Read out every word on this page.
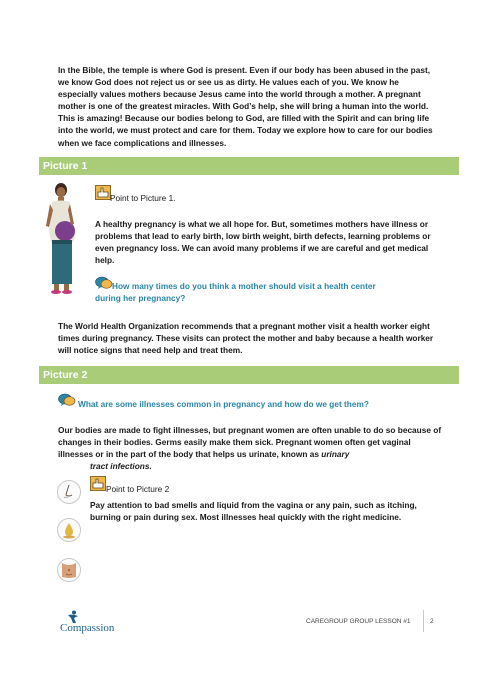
In the Bible, the temple is where God is present. Even if our body has been abused in the past, we know God does not reject us or see us as dirty. He values each of you. We know he especially values mothers because Jesus came into the world through a mother. A pregnant mother is one of the greatest miracles. With God’s help, she will bring a human into the world. This is amazing! Because our bodies belong to God, are filled with the Spirit and can bring life into the world, we must protect and care for them. Today we explore how to care for our bodies when we face complications and illnesses.

Picture 1
Point to Picture 1.

A healthy pregnancy is what we all hope for. But, sometimes mothers have illness or problems that lead to early birth, low birth weight, birth defects, learning problems or even pregnancy loss. We can avoid many problems if we are careful and get medical help.

How many times do you think a mother should visit a health center
during her pregnancy?

The World Health Organization recommends that a pregnant mother visit a health worker eight times during pregnancy. These visits can protect the mother and baby because a health worker will notice signs that need help and treat them.

Picture 2
What are some illnesses common in pregnancy and how do we get them?

Our bodies are made to fight illnesses, but pregnant women are often unable to do so because of changes in their bodies. Germs easily make them sick. Pregnant women often get vaginal illnesses or in the part of the body that helps us urinate, known as urinary

tract infections.

Point to Picture 2

Pay attention to bad smells and liquid from the vagina or any pain, such as itching, burning or pain during sex. Most illnesses heal quickly with the right medicine.

Compassion
CAREGROUP GROUP LESSON #1	2
